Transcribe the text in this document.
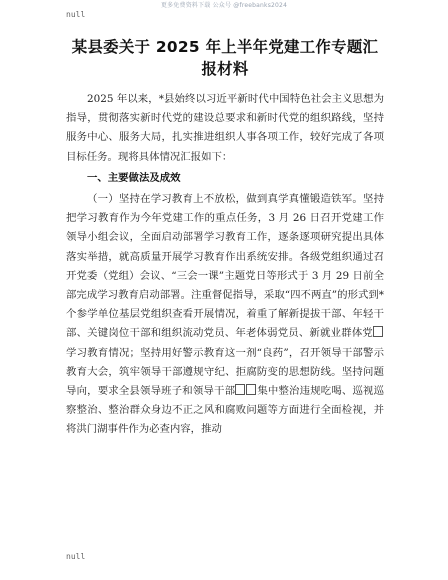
更多免费资料下载 公众号 @freebanks2024
null
某县委关于 2025 年上半年党建工作专题汇报材料

2025 年以来，*县始终以习近平新时代中国特色社会主义思想为指导，贯彻落实新时代党的建设总要求和新时代党的组织路线，坚持服务中心、服务大局，扎实推进组织人事各项工作，较好完成了各项目标任务。现将具体情况汇报如下：

一、主要做法及成效

（一）坚持在学习教育上不放松，做到真学真懂锻造铁军。坚持把学习教育作为今年党建工作的重点任务，3 月 26 日召开党建工作领导小组会议，全面启动部署学习教育工作，逐条逐项研究提出具体落实举措，就高质量开展学习教育作出系统安排。各级党组织通过召开党委（党组）会议、“三会一课”主题党日等形式于 3 月 29 日前全部完成学习教育启动部署。注重督促指导，采取“四不两直”的形式到*个参学单位基层党组织查看开展情况，着重了解新提拔干部、年轻干部、关键岗位干部和组织流动党员、年老体弱党员、新就业群体党学习教育情况；坚持用好警示教育这一剂“良药”，召开领导干部警示教育大会，筑牢领导干部遵规守纪、拒腐防变的思想防线。坚持问题导向，要求全县领导班子和领导干部 集中整治违规吃喝、巡视巡察整治、整治群众身边不正之风和腐败问题等方面进行全面检视，并将洪门湖事件作为必查内容，推动

null
